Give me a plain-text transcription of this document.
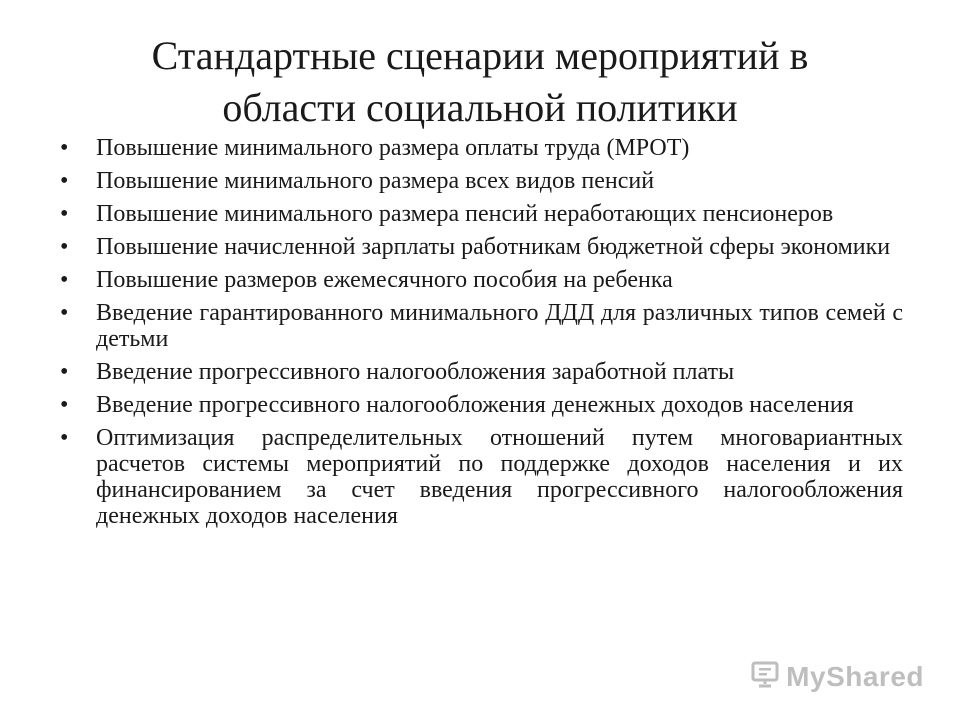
Стандартные сценарии мероприятий в
области социальной политики
•	Повышение минимального размера оплаты труда (МРОТ)
•	Повышение минимального размера всех видов пенсий
•	Повышение минимального размера пенсий неработающих пенсионеров
•	Повышение начисленной зарплаты работникам бюджетной сферы экономики
•	Повышение размеров ежемесячного пособия на ребенка
•	Введение гарантированного минимального ДДД для различных типов семей с детьми
•	Введение прогрессивного налогообложения заработной платы
•	Введение прогрессивного налогообложения денежных доходов населения
•	Оптимизация распределительных отношений путем многовариантных расчетов системы мероприятий по поддержке доходов населения и их финансированием за счет введения прогрессивного налогообложения денежных доходов населения
MyShared
